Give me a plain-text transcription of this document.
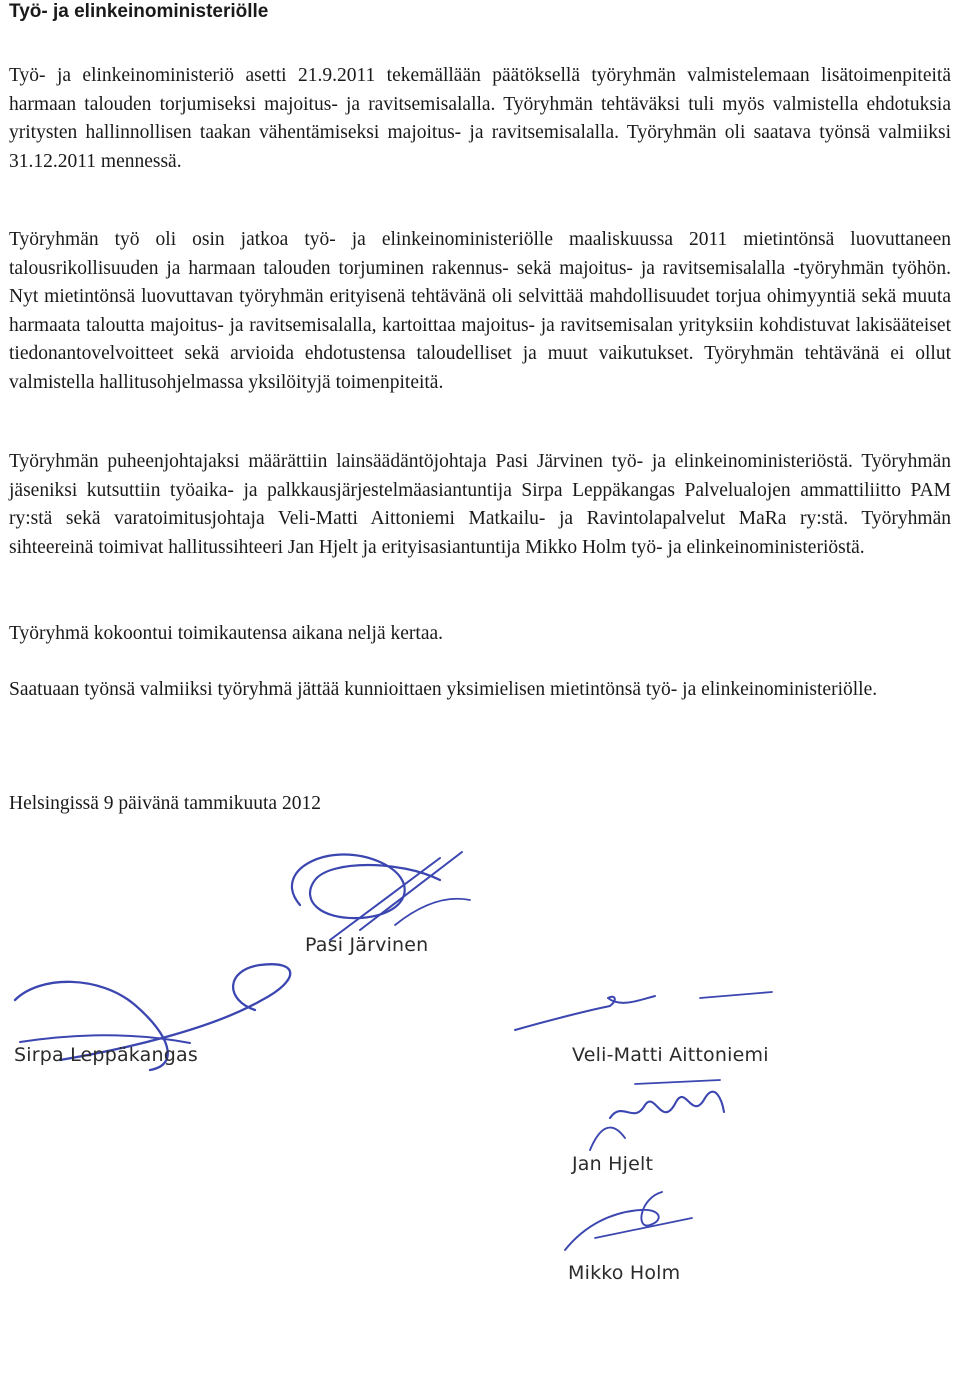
Työ- ja elinkeinoministeriölle

Työ- ja elinkeinoministeriö asetti 21.9.2011 tekemällään päätöksellä työryhmän valmistelemaan lisätoimenpiteitä harmaan talouden torjumiseksi majoitus- ja ravitsemisalalla. Työryhmän tehtäväksi tuli myös valmistella ehdotuksia yritysten hallinnollisen taakan vähentämiseksi majoitus- ja ravitsemisalalla. Työryhmän oli saatava työnsä valmiiksi 31.12.2011 mennessä.

Työryhmän työ oli osin jatkoa työ- ja elinkeinoministeriölle maaliskuussa 2011 mietintönsä luovuttaneen talousrikollisuuden ja harmaan talouden torjuminen rakennus- sekä majoitus- ja ravitsemisalalla -työryhmän työhön. Nyt mietintönsä luovuttavan työryhmän erityisenä tehtävänä oli selvittää mahdollisuudet torjua ohimyyntiä sekä muuta harmaata taloutta majoitus- ja ravitsemisalalla, kartoittaa majoitus- ja ravitsemisalan yrityksiin kohdistuvat lakisääteiset tiedonantovelvoitteet sekä arvioida ehdotustensa taloudelliset ja muut vaikutukset. Työryhmän tehtävänä ei ollut valmistella hallitusohjelmassa yksilöityjä toimenpiteitä.

Työryhmän puheenjohtajaksi määrättiin lainsäädäntöjohtaja Pasi Järvinen työ- ja elinkeinoministeriöstä. Työryhmän jäseniksi kutsuttiin työaika- ja palkkausjärjestelmäasiantuntija Sirpa Leppäkangas Palvelualojen ammattiliitto PAM ry:stä sekä varatoimitusjohtaja Veli-Matti Aittoniemi Matkailu- ja Ravintolapalvelut MaRa ry:stä. Työryhmän sihteereinä toimivat hallitussihteeri Jan Hjelt ja erityisasiantuntija Mikko Holm työ- ja elinkeinoministeriöstä.

Työryhmä kokoontui toimikautensa aikana neljä kertaa.

Saatuaan työnsä valmiiksi työryhmä jättää kunnioittaen yksimielisen mietintönsä työ- ja elinkeinoministeriölle.

Helsingissä 9 päivänä tammikuuta 2012
Pasi Järvinen
Sirpa Leppäkangas	Veli-Matti Aittoniemi
Jan Hjelt
Mikko Holm
